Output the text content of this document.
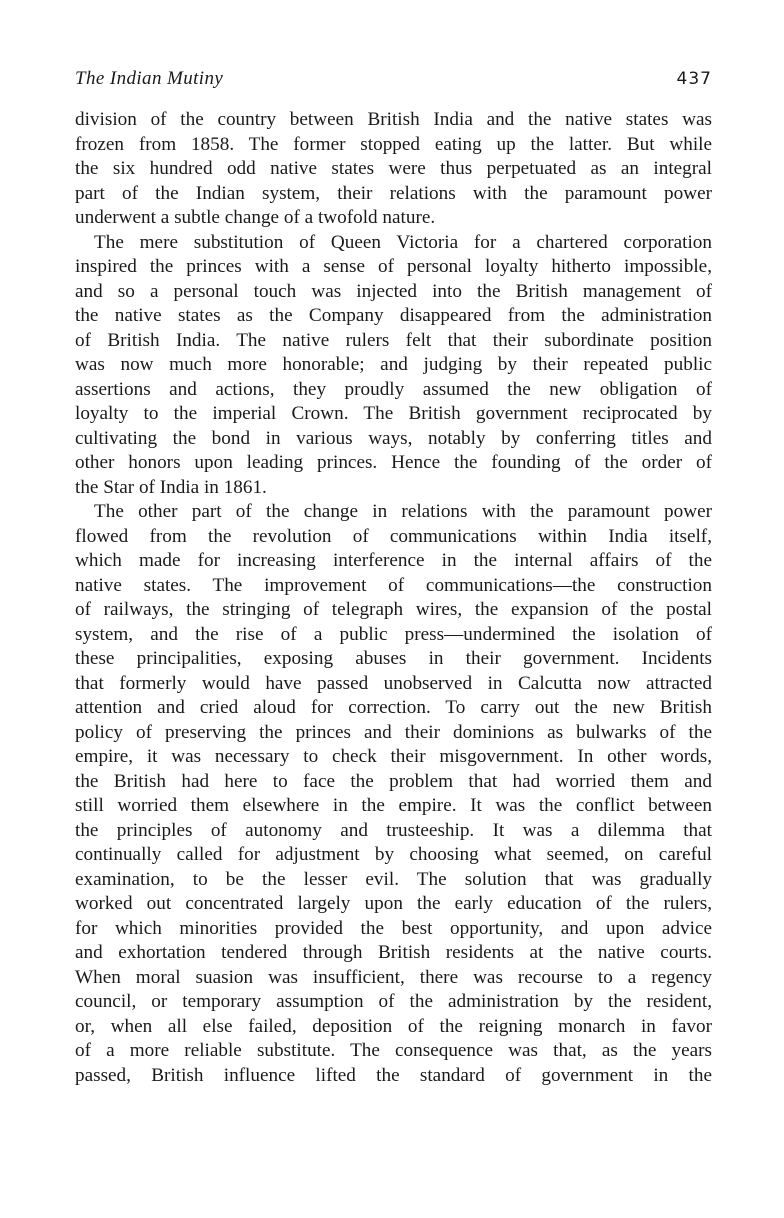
The Indian Mutiny	437
division of the country between British India and the native states was
frozen from 1858. The former stopped eating up the latter. But while
the six hundred odd native states were thus perpetuated as an integral
part of the Indian system, their relations with the paramount power
underwent a subtle change of a twofold nature.
The mere substitution of Queen Victoria for a chartered corporation
inspired the princes with a sense of personal loyalty hitherto impossible,
and so a personal touch was injected into the British management of
the native states as the Company disappeared from the administration
of British India. The native rulers felt that their subordinate position
was now much more honorable; and judging by their repeated public
assertions and actions, they proudly assumed the new obligation of
loyalty to the imperial Crown. The British government reciprocated by
cultivating the bond in various ways, notably by conferring titles and
other honors upon leading princes. Hence the founding of the order of
the Star of India in 1861.
The other part of the change in relations with the paramount power
flowed from the revolution of communications within India itself,
which made for increasing interference in the internal affairs of the
native states. The improvement of communications—the construction
of railways, the stringing of telegraph wires, the expansion of the postal
system, and the rise of a public press—undermined the isolation of
these principalities, exposing abuses in their government. Incidents
that formerly would have passed unobserved in Calcutta now attracted
attention and cried aloud for correction. To carry out the new British
policy of preserving the princes and their dominions as bulwarks of the
empire, it was necessary to check their misgovernment. In other words,
the British had here to face the problem that had worried them and
still worried them elsewhere in the empire. It was the conflict between
the principles of autonomy and trusteeship. It was a dilemma that
continually called for adjustment by choosing what seemed, on careful
examination, to be the lesser evil. The solution that was gradually
worked out concentrated largely upon the early education of the rulers,
for which minorities provided the best opportunity, and upon advice
and exhortation tendered through British residents at the native courts.
When moral suasion was insufficient, there was recourse to a regency
council, or temporary assumption of the administration by the resident,
or, when all else failed, deposition of the reigning monarch in favor
of a more reliable substitute. The consequence was that, as the years
passed, British influence lifted the standard of government in the
